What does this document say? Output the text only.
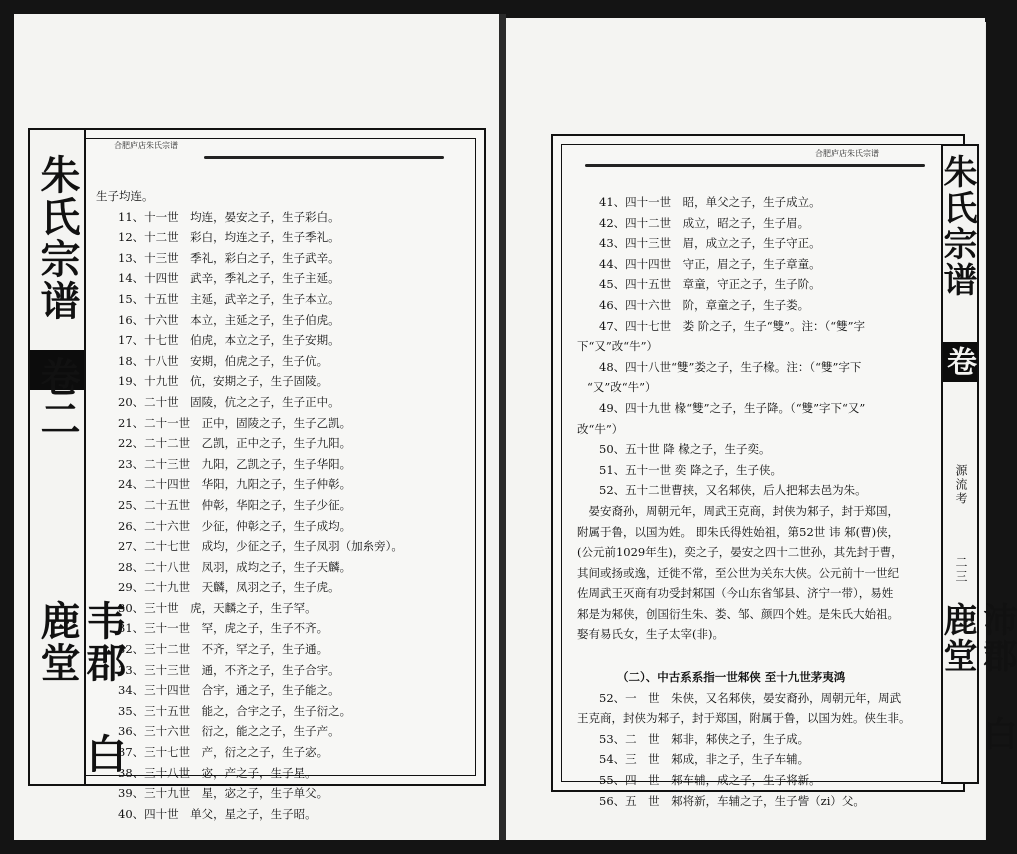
朱氏宗谱
卷二
韦郡 白鹿堂
合肥庐店朱氏宗谱
生子均连。
11、十一世　均连，晏安之子，生子彩白。
12、十二世　彩白，均连之子，生子季礼。
13、十三世　季礼，彩白之子，生子武辛。
14、十四世　武辛，季礼之子，生子主延。
15、十五世　主延，武辛之子，生子本立。
16、十六世　本立，主延之子，生子伯虎。
17、十七世　伯虎，本立之子，生子安期。
18、十八世　安期，伯虎之子，生子伉。
19、十九世　伉，安期之子，生子固陵。
20、二十世　固陵，伉之之子，生子正中。
21、二十一世　正中，固陵之子，生子乙凯。
22、二十二世　乙凯，正中之子，生子九阳。
23、二十三世　九阳，乙凯之子，生子华阳。
24、二十四世　华阳，九阳之子，生子仲彰。
25、二十五世　仲彰，华阳之子，生子少征。
26、二十六世　少征，仲彰之子，生子成均。
27、二十七世　成均，少征之子，生子凤羽（加糸旁）。
28、二十八世　凤羽，成均之子，生子天麟。
29、二十九世　天麟，凤羽之子，生子虎。
30、三十世　虎，天麟之子，生子罕。
31、三十一世　罕，虎之子，生子不齐。
32、三十二世　不齐，罕之子，生子通。
33、三十三世　通，不齐之子，生子合宇。
34、三十四世　合宇，通之子，生子能之。
35、三十五世　能之，合宇之子，生子衍之。
36、三十六世　衍之，能之之子，生子产。
37、三十七世　产，衍之之子，生子宓。
38、三十八世　宓，产之子，生子星。
39、三十九世　星，宓之子，生子单父。
40、四十世　单父，星之子，生子昭。
朱氏宗谱
卷二
源流考
二三
沛郡 白鹿堂
合肥庐店朱氏宗谱
41、四十一世　昭，单父之子，生子成立。
42、四十二世　成立，昭之子，生子眉。
43、四十三世　眉，成立之子，生子守正。
44、四十四世　守正，眉之子，生子章童。
45、四十五世　章童，守正之子，生子阶。
46、四十六世　阶，章童之子，生子娄。
47、四十七世　娄 阶之子，生子“雙”。注：（“雙”字
下“又”改“牛”）
48、四十八世“雙”娄之子，生子椽。注：（“雙”字下
“又”改“牛”）
49、四十九世 椽“雙”之子，生子降。（“雙”字下“又”
改“牛”）
50、五十世 降 椽之子，生子奕。
51、五十一世 奕 降之子，生子侠。
52、五十二世曹挟，又名邾侠，后人把邾去邑为朱。
　晏安裔孙，周朝元年，周武王克商，封侠为邾子，封于郑国，
附属于鲁，以国为姓。 即朱氏得姓始祖，第52世 讳 邾(曹)侠，
(公元前1029年生)，奕之子，晏安之四十二世孙，其先封于曹，
其间或扬或逸，迁徙不常，至公世为关东大侠。公元前十一世纪
佐周武王灭商有功受封邾国（今山东省邹县、济宁一带），易姓
邾是为邾侠，创国衍生朱、娄、邹、颜四个姓。是朱氏大始祖。
娶有易氏女，生子太宰(非)。
（二）、中古系系指一世邾侠 至十九世茅夷鸿
52、一　世　朱侠，又名邾侠，晏安裔孙，周朝元年，周武
王克商，封侠为邾子，封于郑国，附属于鲁，以国为姓。侠生非。
53、二　世　邾非，邾侠之子，生子成。
54、三　世　邾成，非之子，生子车辅。
55、四　世　邾车辅，成之子，生子将新。
56、五　世　邾将新，车辅之子，生子訾（zi）父。
